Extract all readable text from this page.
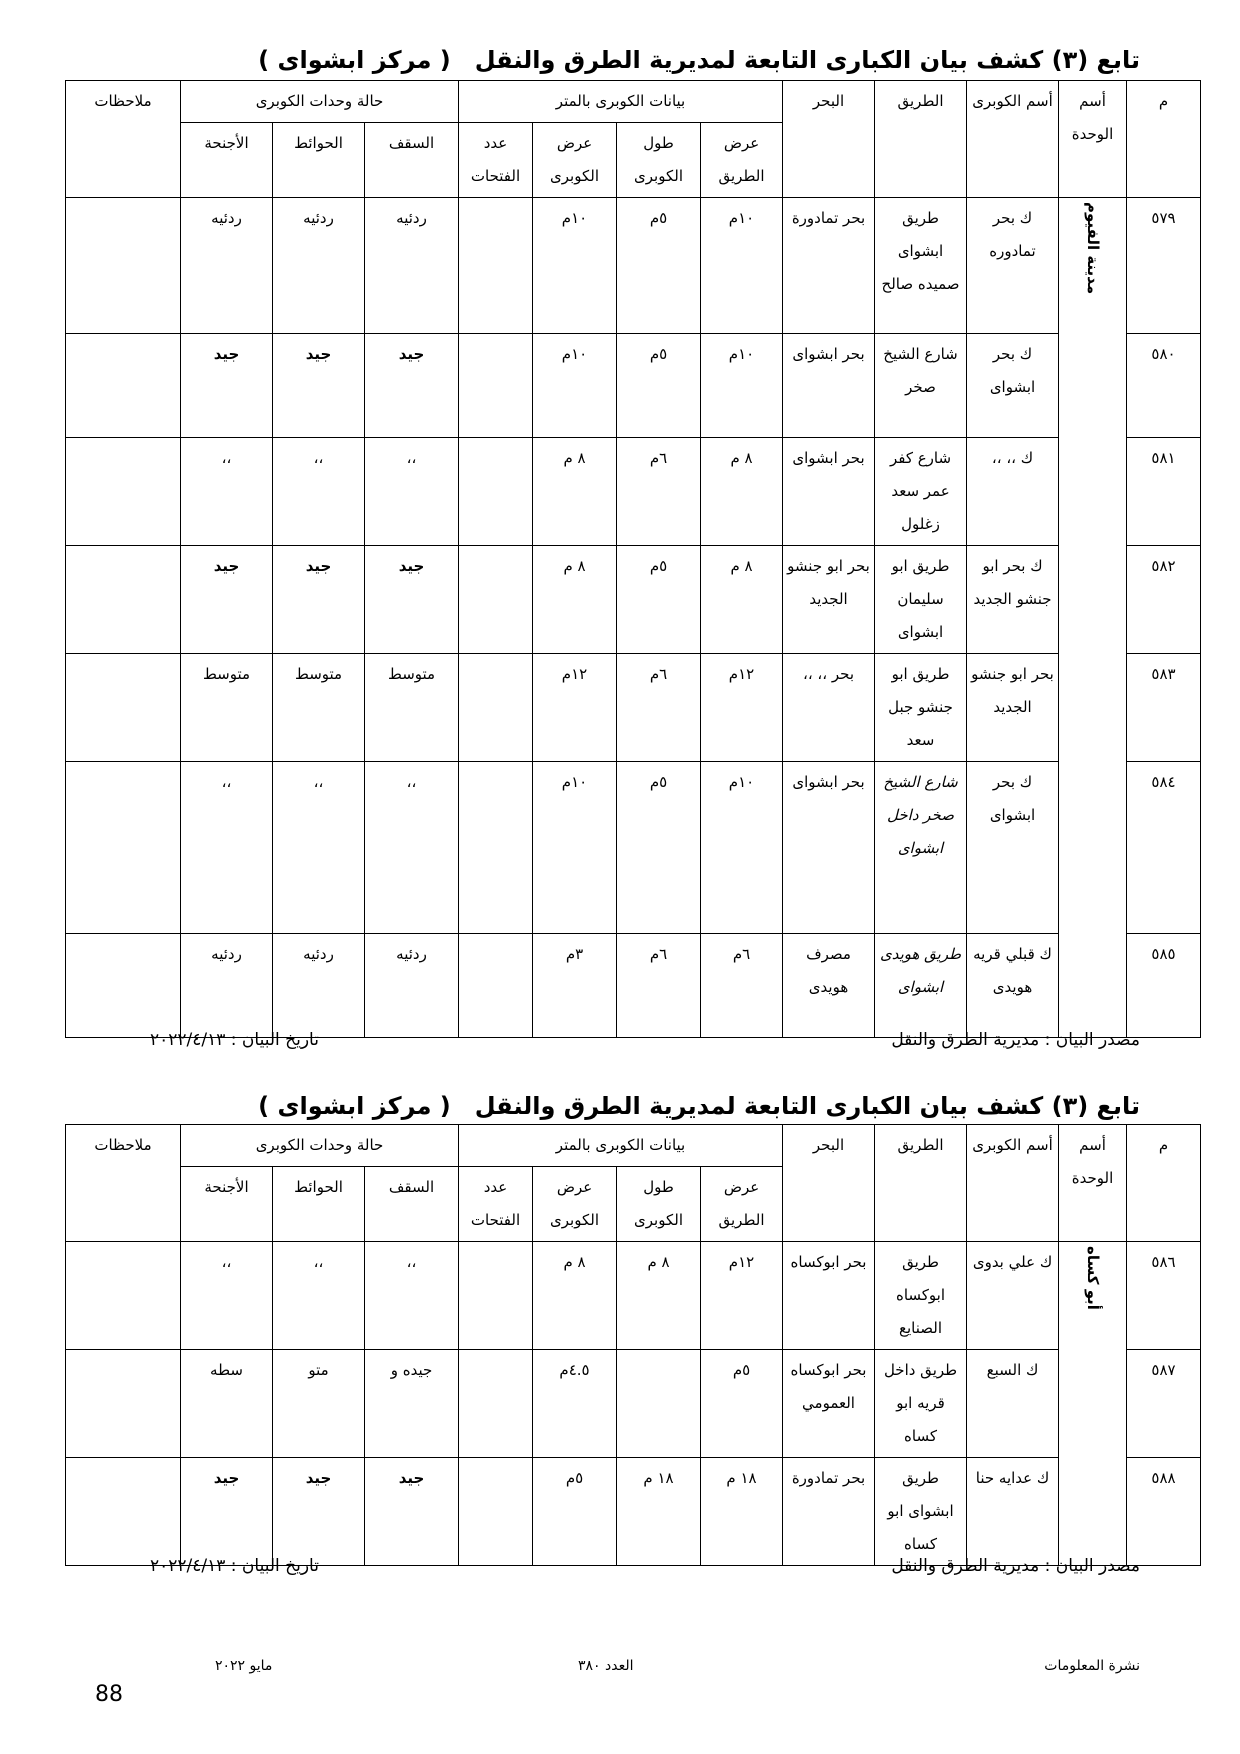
تابع (٣) كشف بيان الكبارى التابعة لمديرية الطرق والنقل( مركز ابشواى )
م	أسم الوحدة	أسم الكوبرى	الطريق	البحر	بيانات الكوبرى بالمتر				حالة وحدات الكوبرى			ملاحظات
					عرض الطريق	طول الكوبرى	عرض الكوبرى	عدد الفتحات	السقف	الحوائط	الأجنحة	

٥٧٩	مدينة الفيوم	ك بحر تمادوره	طريق ابشواى صميده صالح	بحر تمادورة	١٠م	٥م	١٠م		ردئيه	ردئيه	ردئيه	
٥٨٠		ك بحر ابشواى	شارع الشيخ صخر	بحر ابشواى	١٠م	٥م	١٠م		جيد	جيد	جيد	
٥٨١		ك ،، ،،	شارع كفر عمر سعد زغلول	بحر ابشواى	٨ م	٦م	٨ م		،،	،،	،،	
٥٨٢		ك بحر ابو جنشو الجديد	طريق ابو سليمان ابشواى	بحر ابو جنشو الجديد	٨ م	٥م	٨ م		جيد	جيد	جيد	
٥٨٣		بحر ابو جنشو الجديد	طريق ابو جنشو جبل سعد	بحر ،، ،،	١٢م	٦م	١٢م		متوسط	متوسط	متوسط	
٥٨٤		ك بحر ابشواى	شارع الشيخ صخر داخل ابشواى	بحر ابشواى	١٠م	٥م	١٠م		،،	،،	،،	
٥٨٥		ك قبلي قريه هويدى	طريق هويدى ابشواى	مصرف هويدى	٦م	٦م	٣م		ردئيه	ردئيه	ردئيه	
مصدر البيان : مديرية الطرق والنقل
تاريخ البيان : ٢٠٢٢/٤/١٣
تابع (٣) كشف بيان الكبارى التابعة لمديرية الطرق والنقل( مركز ابشواى )
م	أسم الوحدة	أسم الكوبرى	الطريق	البحر	بيانات الكوبرى بالمتر				حالة وحدات الكوبرى			ملاحظات
					عرض الطريق	طول الكوبرى	عرض الكوبرى	عدد الفتحات	السقف	الحوائط	الأجنحة	

٥٨٦	أبو كساه	ك علي بدوى	طريق ابوكساه الصنايع	بحر ابوكساه	١٢م	٨ م	٨ م		،،	،،	،،	
٥٨٧		ك السبع	طريق داخل قريه ابو كساه	بحر ابوكساه العمومي	٥م		٤.٥م		جيده و	متو	سطه	
٥٨٨		ك عدايه حنا	طريق ابشواى ابو كساه	بحر تمادورة	١٨ م	١٨ م	٥م		جيد	جيد	جيد	
مصدر البيان : مديرية الطرق والنقل
تاريخ البيان : ٢٠٢٢/٤/١٣
نشرة المعلومات
العدد ٣٨٠
مايو ٢٠٢٢
88
